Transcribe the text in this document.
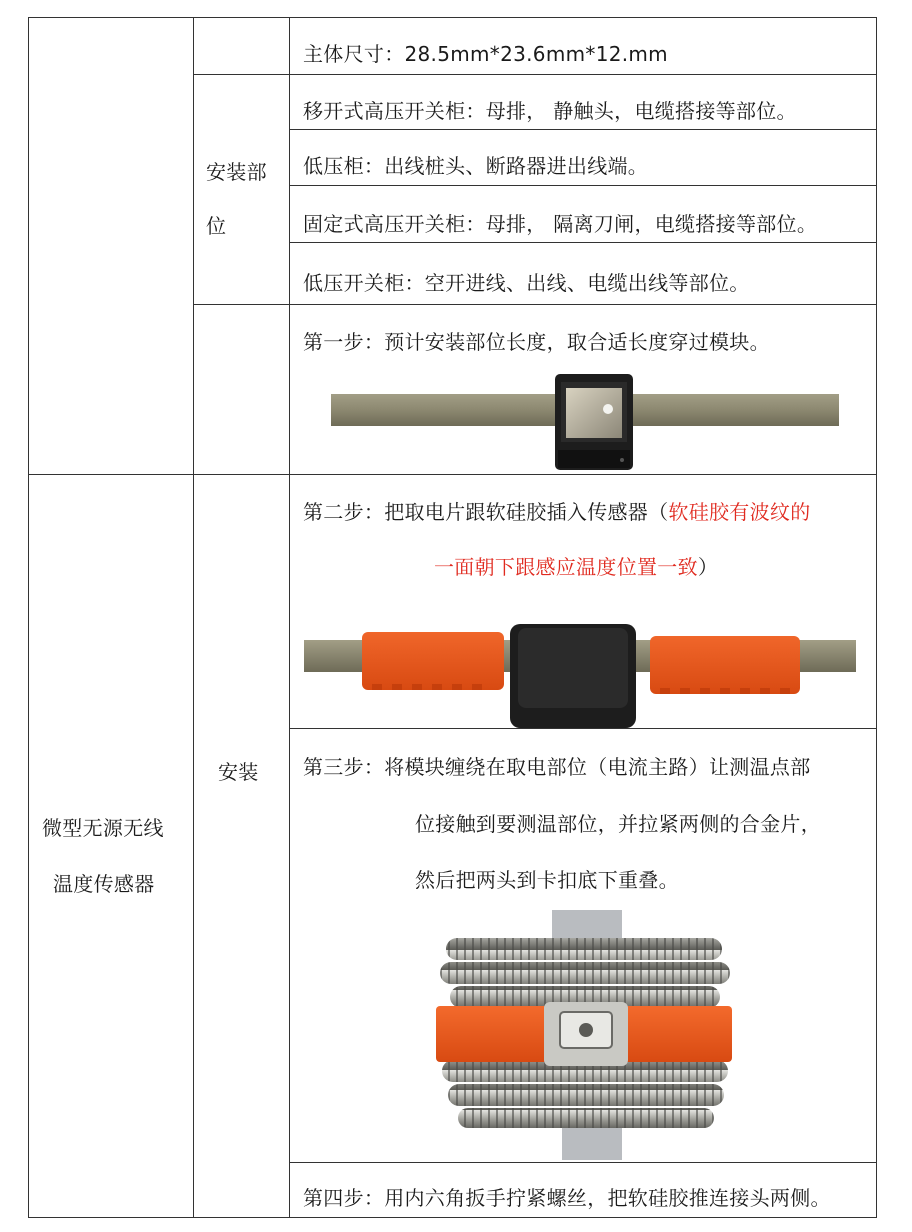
微型无源无线
温度传感器
主体尺寸：28.5mm*23.6mm*12.mm
安装部
位
移开式高压开关柜：母排， 静触头，电缆搭接等部位。
低压柜：出线桩头、断路器进出线端。
固定式高压开关柜：母排， 隔离刀闸，电缆搭接等部位。
低压开关柜：空开进线、出线、电缆出线等部位。
安装
第一步：预计安装部位长度，取合适长度穿过模块。
第二步：把取电片跟软硅胶插入传感器（软硅胶有波纹的
一面朝下跟感应温度位置一致）
第三步：将模块缠绕在取电部位（电流主路）让测温点部
位接触到要测温部位，并拉紧两侧的合金片，
然后把两头到卡扣底下重叠。
第四步：用内六角扳手拧紧螺丝，把软硅胶推连接头两侧。
